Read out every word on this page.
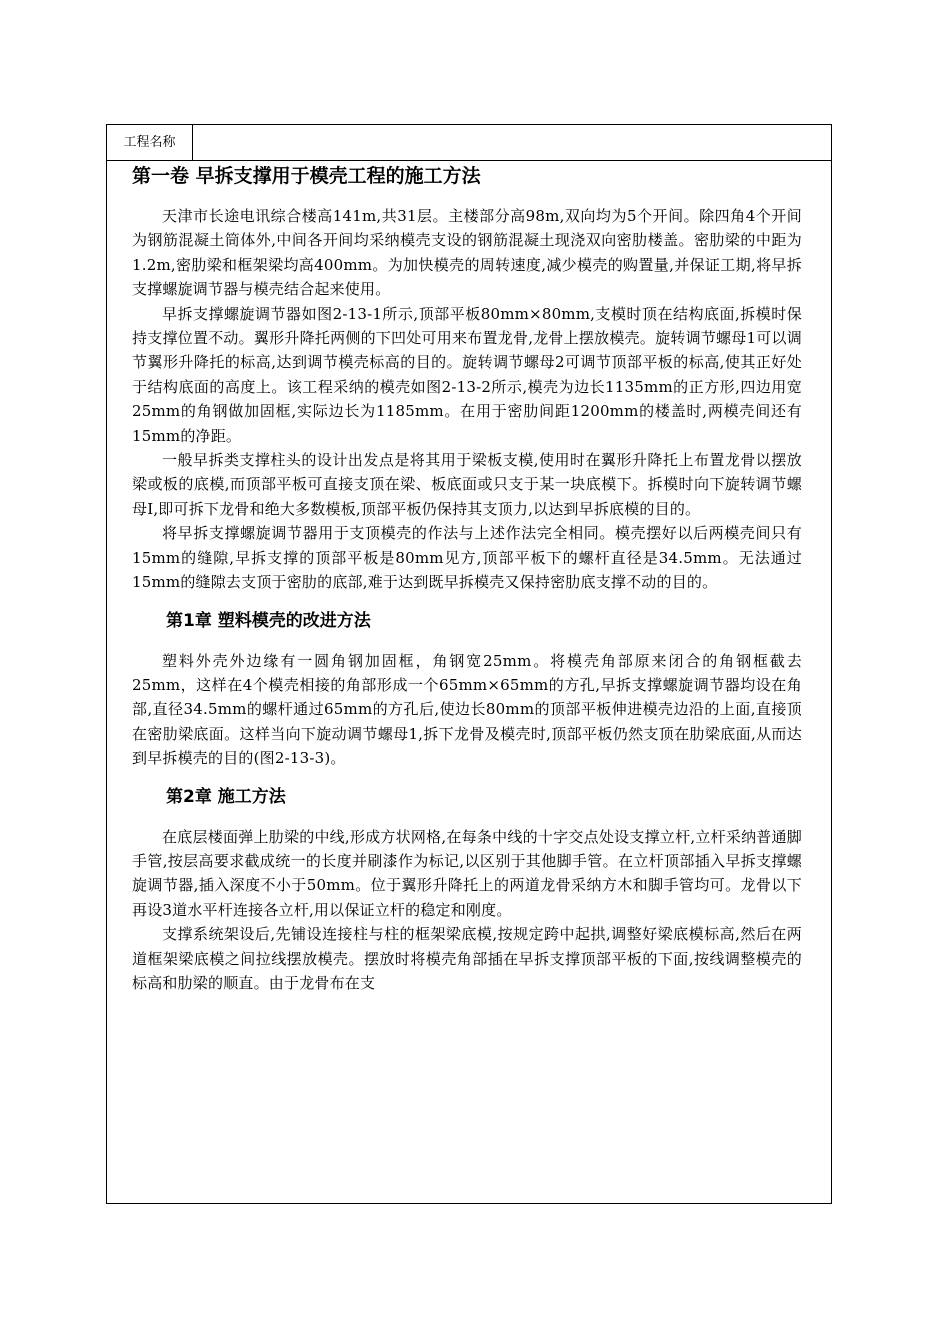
工程名称
第一卷 早拆支撑用于模壳工程的施工方法

天津市长途电讯综合楼高141m,共31层。主楼部分高98m,双向均为5个开间。除四角4个开间为钢筋混凝土筒体外,中间各开间均采纳模壳支设的钢筋混凝土现浇双向密肋楼盖。密肋梁的中距为1.2m,密肋梁和框架梁均高400mm。为加快模壳的周转速度,减少模壳的购置量,并保证工期,将早拆支撑螺旋调节器与模壳结合起来使用。

早拆支撑螺旋调节器如图2-13-1所示,顶部平板80mm×80mm,支模时顶在结构底面,拆模时保持支撑位置不动。翼形升降托两侧的下凹处可用来布置龙骨,龙骨上摆放模壳。旋转调节螺母1可以调节翼形升降托的标高,达到调节模壳标高的目的。旋转调节螺母2可调节顶部平板的标高,使其正好处于结构底面的高度上。该工程采纳的模壳如图2-13-2所示,模壳为边长1135mm的正方形,四边用宽25mm的角钢做加固框,实际边长为1185mm。在用于密肋间距1200mm的楼盖时,两模壳间还有15mm的净距。

一般早拆类支撑柱头的设计出发点是将其用于梁板支模,使用时在翼形升降托上布置龙骨以摆放梁或板的底模,而顶部平板可直接支顶在梁、板底面或只支于某一块底模下。拆模时向下旋转调节螺母I,即可拆下龙骨和绝大多数模板,顶部平板仍保持其支顶力,以达到早拆底模的目的。

将早拆支撑螺旋调节器用于支顶模壳的作法与上述作法完全相同。模壳摆好以后两模壳间只有15mm的缝隙,早拆支撑的顶部平板是80mm见方,顶部平板下的螺杆直径是34.5mm。无法通过15mm的缝隙去支顶于密肋的底部,难于达到既早拆模壳又保持密肋底支撑不动的目的。

第1章 塑料模壳的改进方法

塑料外壳外边缘有一圆角钢加固框，角钢宽25mm。将模壳角部原来闭合的角钢框截去25mm，这样在4个模壳相接的角部形成一个65mm×65mm的方孔,早拆支撑螺旋调节器均设在角部,直径34.5mm的螺杆通过65mm的方孔后,使边长80mm的顶部平板伸进模壳边沿的上面,直接顶在密肋梁底面。这样当向下旋动调节螺母1,拆下龙骨及模壳时,顶部平板仍然支顶在肋梁底面,从而达到早拆模壳的目的(图2-13-3)。

第2章 施工方法

在底层楼面弹上肋梁的中线,形成方状网格,在每条中线的十字交点处设支撑立杆,立杆采纳普通脚手管,按层高要求截成统一的长度并刷漆作为标记,以区别于其他脚手管。在立杆顶部插入早拆支撑螺旋调节器,插入深度不小于50mm。位于翼形升降托上的两道龙骨采纳方木和脚手管均可。龙骨以下再设3道水平杆连接各立杆,用以保证立杆的稳定和刚度。

支撑系统架设后,先铺设连接柱与柱的框架梁底模,按规定跨中起拱,调整好梁底模标高,然后在两道框架梁底模之间拉线摆放模壳。摆放时将模壳角部插在早拆支撑顶部平板的下面,按线调整模壳的标高和肋梁的顺直。由于龙骨布在支
